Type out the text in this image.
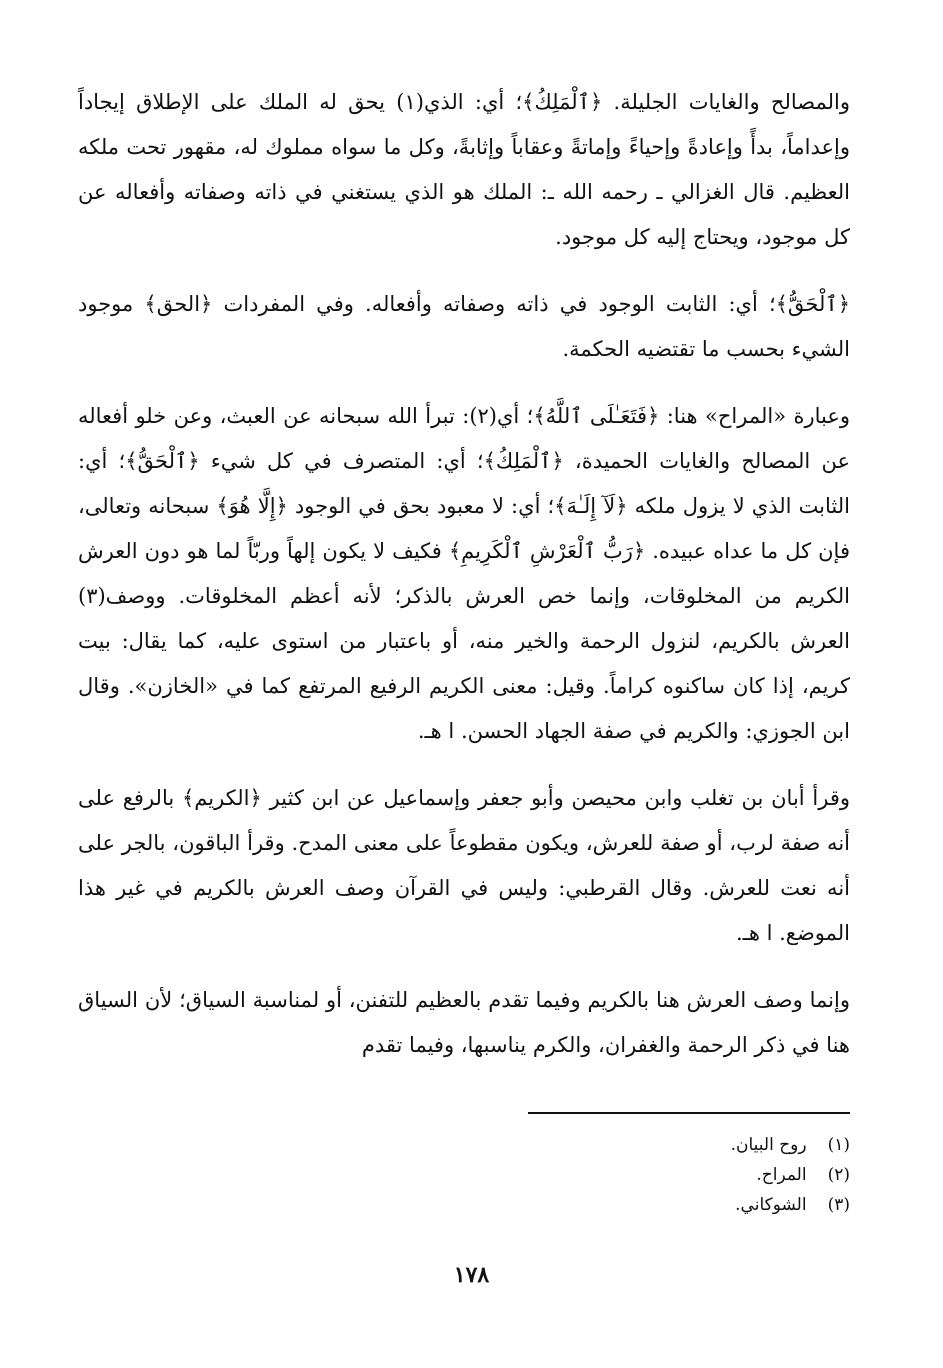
والمصالح والغايات الجليلة. ﴿ٱلْمَلِكُ﴾؛ أي: الذي(١) يحق له الملك على الإطلاق إيجاداً وإعداماً، بدأً وإعادةً وإحياءً وإماتةً وعقاباً وإثابةً، وكل ما سواه مملوك له، مقهور تحت ملكه العظيم. قال الغزالي ـ رحمه الله ـ: الملك هو الذي يستغني في ذاته وصفاته وأفعاله عن كل موجود، ويحتاج إليه كل موجود.

﴿ٱلْحَقُّ﴾؛ أي: الثابت الوجود في ذاته وصفاته وأفعاله. وفي المفردات ﴿الحق﴾ موجود الشيء بحسب ما تقتضيه الحكمة.

وعبارة «المراح» هنا: ﴿فَتَعَـٰلَى ٱللَّهُ﴾؛ أي(٢): تبرأ الله سبحانه عن العبث، وعن خلو أفعاله عن المصالح والغايات الحميدة، ﴿ٱلْمَلِكُ﴾؛ أي: المتصرف في كل شيء ﴿ٱلْحَقُّ﴾؛ أي: الثابت الذي لا يزول ملكه ﴿لَآ إِلَـٰهَ﴾؛ أي: لا معبود بحق في الوجود ﴿إِلَّا هُوَ﴾ سبحانه وتعالى، فإن كل ما عداه عبيده. ﴿رَبُّ ٱلْعَرْشِ ٱلْكَرِيمِ﴾ فكيف لا يكون إلهاً وربّاً لما هو دون العرش الكريم من المخلوقات، وإنما خص العرش بالذكر؛ لأنه أعظم المخلوقات. ووصف(٣) العرش بالكريم، لنزول الرحمة والخير منه، أو باعتبار من استوى عليه، كما يقال: بيت كريم، إذا كان ساكنوه كراماً. وقيل: معنى الكريم الرفيع المرتفع كما في «الخازن». وقال ابن الجوزي: والكريم في صفة الجهاد الحسن. ا هـ.

وقرأ أبان بن تغلب وابن محيصن وأبو جعفر وإسماعيل عن ابن كثير ﴿الكريم﴾ بالرفع على أنه صفة لرب، أو صفة للعرش، ويكون مقطوعاً على معنى المدح. وقرأ الباقون، بالجر على أنه نعت للعرش. وقال القرطبي: وليس في القرآن وصف العرش بالكريم في غير هذا الموضع. ا هـ.

وإنما وصف العرش هنا بالكريم وفيما تقدم بالعظيم للتفنن، أو لمناسبة السياق؛ لأن السياق هنا في ذكر الرحمة والغفران، والكرم يناسبها، وفيما تقدم

(١) روح البيان.
(٢) المراح.
(٣) الشوكاني.
١٧٨
